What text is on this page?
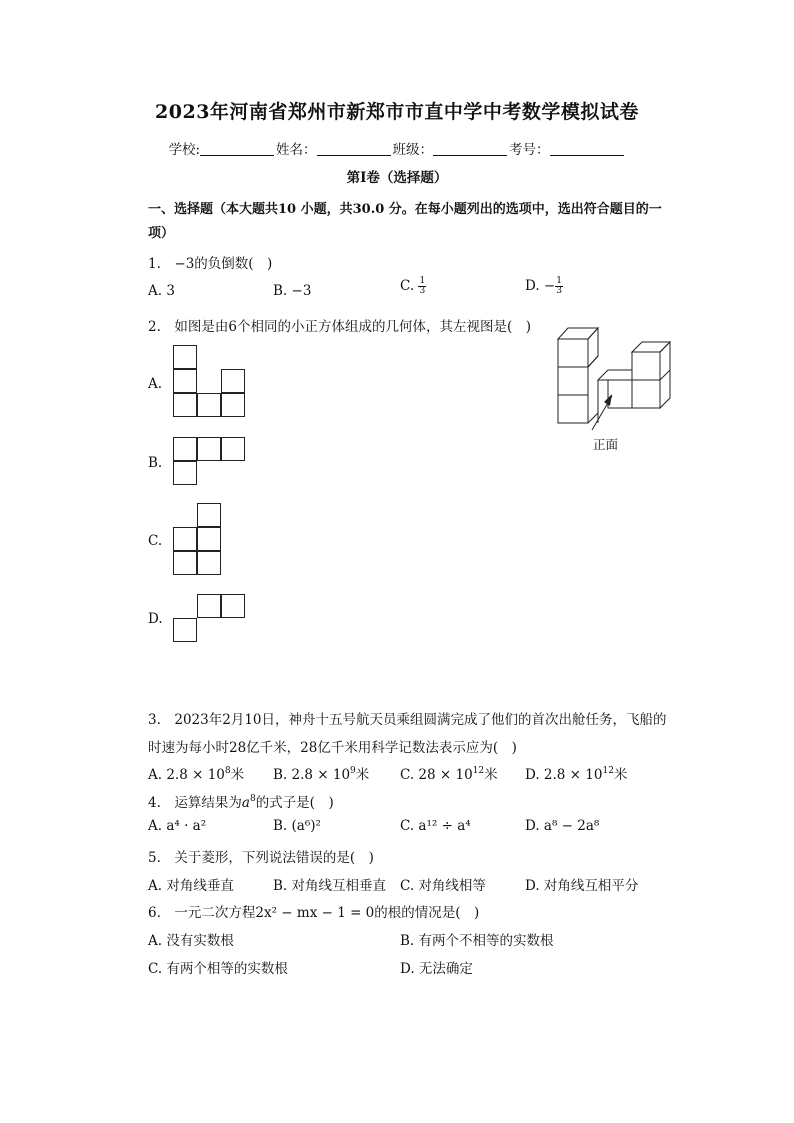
2023年河南省郑州市新郑市市直中学中考数学模拟试卷
学校:	姓名：	班级：	考号：
第I卷（选择题）
一、选择题（本大题共10 小题，共30.0 分。在每小题列出的选项中，选出符合题目的一项）
1.　−3的负倒数(　)
A. 3	B. −3	C. $\frac{1}{3}$	D. − $\frac{1}{3}$
2.　如图是由6个相同的小正方体组成的几何体，其左视图是(　)
A.
B.
C.
D.
正面
3.　2023年2月10日，神舟十五号航天员乘组圆满完成了他们的首次出舱任务，飞船的
时速为每小时28亿千米，28亿千米用科学记数法表示应为(　)
A. $2.8 \times 10^8$米 B. $2.8 \times 10^9$米 C. $28 \times 10^{12}$米 D. $2.8 \times 10^{12}$米
4.　运算结果为$a^8$的式子是(　)
A. a⁴ · a²	B. (a⁶)²	C. a¹² ÷ a⁴	D. a⁸ − 2a⁸
5.　关于菱形，下列说法错误的是(　)
A. 对角线垂直	B. 对角线互相垂直 C. 对角线相等	D. 对角线互相平分
6.　一元二次方程2x² − mx − 1 = 0的根的情况是(　)
A. 没有实数根	B. 有两个不相等的实数根
C. 有两个相等的实数根	D. 无法确定
